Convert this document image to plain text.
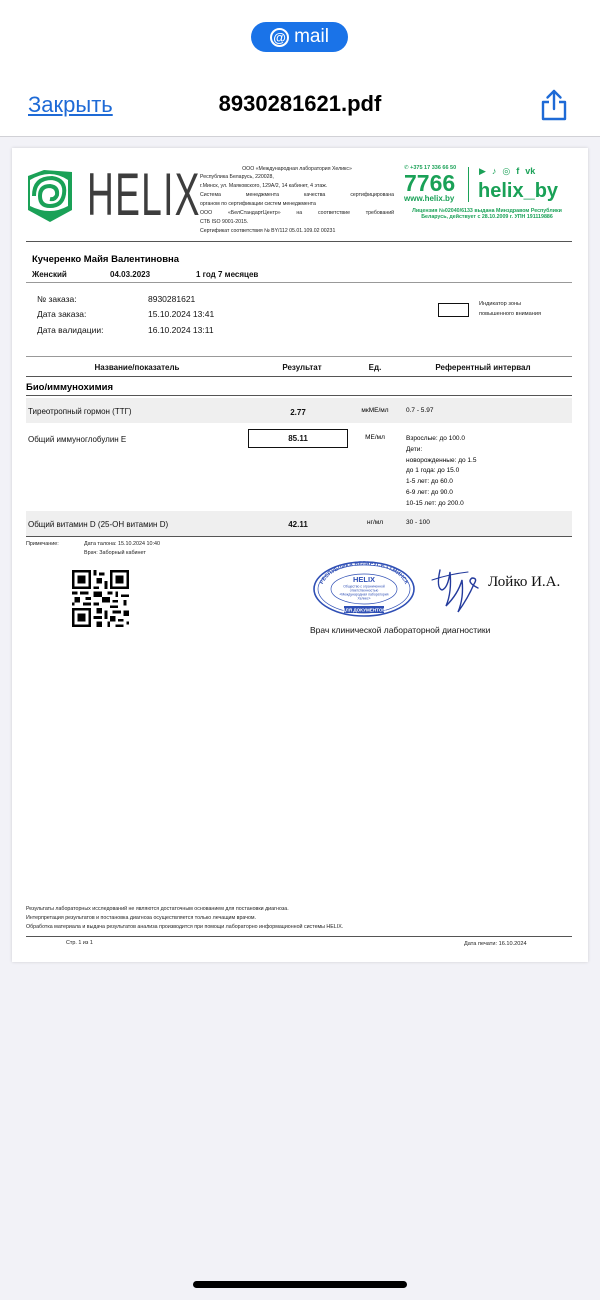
@ mail
Закрыть	8930281621.pdf
HELIX	ООО «Международная лаборатория Хеликс»
Республика Беларусь, 220028,
г.Минск, ул. Маяковского, 129А/2, 14 кабинет, 4 этаж.
Система менеджмента качества сертифицирована
органом по сертификации систем менеджмента
ООО «БелСтандартЦентр» на соответствие требований
СТБ ISO 9001-2015.
Сертификат соответствия № BY/112 05.01.109.02 00231
✆ +375 17 336 66 50
7766
www.helix.by
▶ ♪ ◎ f vk
helix_by
Лицензия №02040/6133 выдана Минздравом Республики
Беларусь, действует с 28.10.2009 г. УПН 191119886
Кучеренко Майя Валентиновна
Женский	04.03.2023	1 год 7 месяцев
№ заказа:	8930281621
Дата заказа:	15.10.2024 13:41
Дата валидации:	16.10.2024 13:11
Индикатор зоны
повышенного внимания
Название/показатель	Результат	Ед.	Референтный интервал
Био/иммунохимия
Тиреотропный гормон (ТТГ)	2.77	мкМЕ/мл	0.7 - 5.97
Общий иммуноглобулин Е	85.11	МЕ/мл	Взрослые: до 100.0
Дети:
новорожденные: до 1.5
до 1 года: до 15.0
1-5 лет: до 60.0
6-9 лет: до 90.0
10-15 лет: до 200.0
Общий витамин D (25-OH витамин D)	42.11	нг/мл	30 - 100
Примечание:	Дата талона: 15.10.2024 10:40
Врач: Заборный кабинет
РЕСПУБЛИКА БЕЛАРУСЬ • г.МИНСК
HELIX
Общество с ограниченной
ответственностью
«Международная лаборатория
Хеликс»
ДЛЯ ДОКУМЕНТОВ
Лойко И.А.
Врач клинической лабораторной диагностики
Результаты лабораторных исследований не являются достаточным основанием для постановки диагноза.
Интерпретация результатов и постановка диагноза осуществляется только лечащим врачом.
Обработка материала и выдача результатов анализа производится при помощи лабораторно информационной системы HELIX.
Стр. 1 из 1	Дата печати: 16.10.2024
